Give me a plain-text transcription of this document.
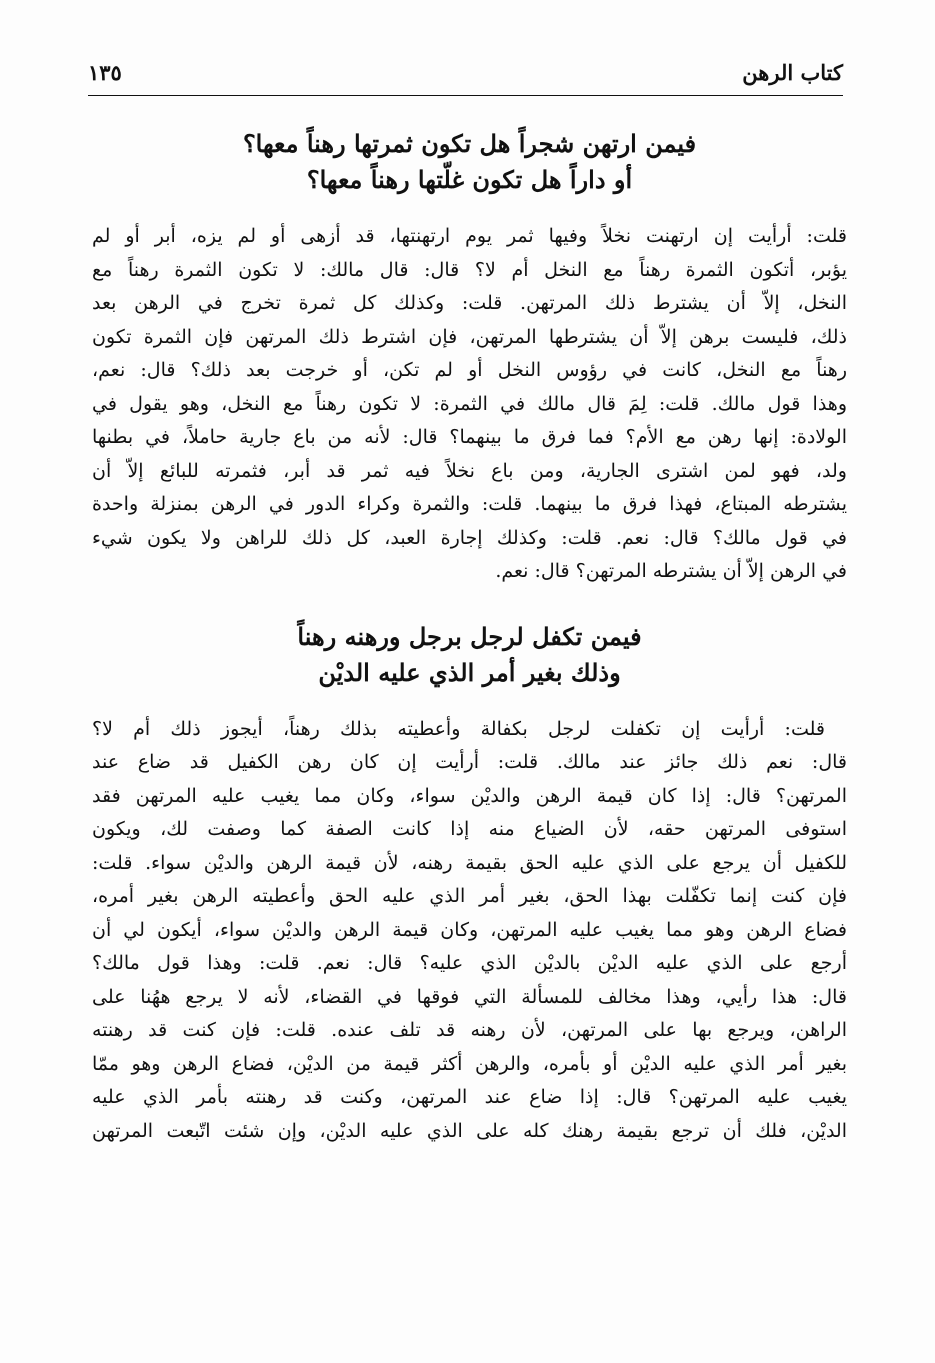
كتاب الرهن
١٣٥
فيمن ارتهن شجراً هل تكون ثمرتها رهناً معها؟
أو داراً هل تكون غلّتها رهناً معها؟
قلت: أرأيت إن ارتهنت نخلاً وفيها ثمر يوم ارتهنتها، قد أزهى أو لم يزه، أبر أو لم
يؤبر، أتكون الثمرة رهناً مع النخل أم لا؟ قال: قال مالك: لا تكون الثمرة رهناً مع
النخل، إلاّ أن يشترط ذلك المرتهن. قلت: وكذلك كل ثمرة تخرج في الرهن بعد
ذلك، فليست برهن إلاّ أن يشترطها المرتهن، فإن اشترط ذلك المرتهن فإن الثمرة تكون
رهناً مع النخل، كانت في رؤوس النخل أو لم تكن، أو خرجت بعد ذلك؟ قال: نعم،
وهذا قول مالك. قلت: لِمَ قال مالك في الثمرة: لا تكون رهناً مع النخل، وهو يقول في
الولادة: إنها رهن مع الأم؟ فما فرق ما بينهما؟ قال: لأنه من باع جارية حاملاً، في بطنها
ولد، فهو لمن اشترى الجارية، ومن باع نخلاً فيه ثمر قد أبر، فثمرته للبائع إلاّ أن
يشترطه المبتاع، فهذا فرق ما بينهما. قلت: والثمرة وكراء الدور في الرهن بمنزلة واحدة
في قول مالك؟ قال: نعم. قلت: وكذلك إجارة العبد، كل ذلك للراهن ولا يكون شيء
في الرهن إلاّ أن يشترطه المرتهن؟ قال: نعم.
فيمن تكفل لرجل برجل ورهنه رهناً
وذلك بغير أمر الذي عليه الديْن
قلت: أرأيت إن تكفلت لرجل بكفالة وأعطيته بذلك رهناً، أيجوز ذلك أم لا؟
قال: نعم ذلك جائز عند مالك. قلت: أرأيت إن كان رهن الكفيل قد ضاع عند
المرتهن؟ قال: إذا كان قيمة الرهن والديْن سواء، وكان مما يغيب عليه المرتهن فقد
استوفى المرتهن حقه، لأن الضياع منه إذا كانت الصفة كما وصفت لك، ويكون
للكفيل أن يرجع على الذي عليه الحق بقيمة رهنه، لأن قيمة الرهن والديْن سواء. قلت:
فإن كنت إنما تكفّلت بهذا الحق، بغير أمر الذي عليه الحق وأعطيته الرهن بغير أمره،
فضاع الرهن وهو مما يغيب عليه المرتهن، وكان قيمة الرهن والديْن سواء، أيكون لي أن
أرجع على الذي عليه الديْن بالديْن الذي عليه؟ قال: نعم. قلت: وهذا قول مالك؟
قال: هذا رأيي، وهذا مخالف للمسألة التي فوقها في القضاء، لأنه لا يرجع ههُنا على
الراهن، ويرجع بها على المرتهن، لأن رهنه قد تلف عنده. قلت: فإن كنت قد رهنته
بغير أمر الذي عليه الديْن أو بأمره، والرهن أكثر قيمة من الديْن، فضاع الرهن وهو ممّا
يغيب عليه المرتهن؟ قال: إذا ضاع عند المرتهن، وكنت قد رهنته بأمر الذي عليه
الديْن، فلك أن ترجع بقيمة رهنك كله على الذي عليه الديْن، وإن شئت اتّبعت المرتهن
